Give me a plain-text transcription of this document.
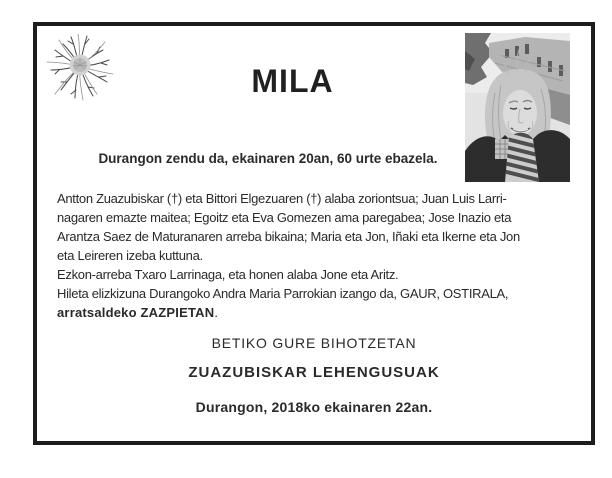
MILA
Durangon zendu da, ekainaren 20an, 60 urte ebazela.
Antton Zuazubiskar (†) eta Bittori Elgezuaren (†) alaba zoriontsua; Juan Luis Larri-
nagaren emazte maitea; Egoitz eta Eva Gomezen ama paregabea; Jose Inazio eta
Arantza Saez de Maturanaren arreba bikaina; Maria eta Jon, Iñaki eta Ikerne eta Jon
eta Leireren izeba kuttuna.
Ezkon-arreba Txaro Larrinaga, eta honen alaba Jone eta Aritz.
Hileta elizkizuna Durangoko Andra Maria Parrokian izango da, GAUR, OSTIRALA,
arratsaldeko ZAZPIETAN.
BETIKO GURE BIHOTZETAN
ZUAZUBISKAR LEHENGUSUAK
Durangon, 2018ko ekainaren 22an.
